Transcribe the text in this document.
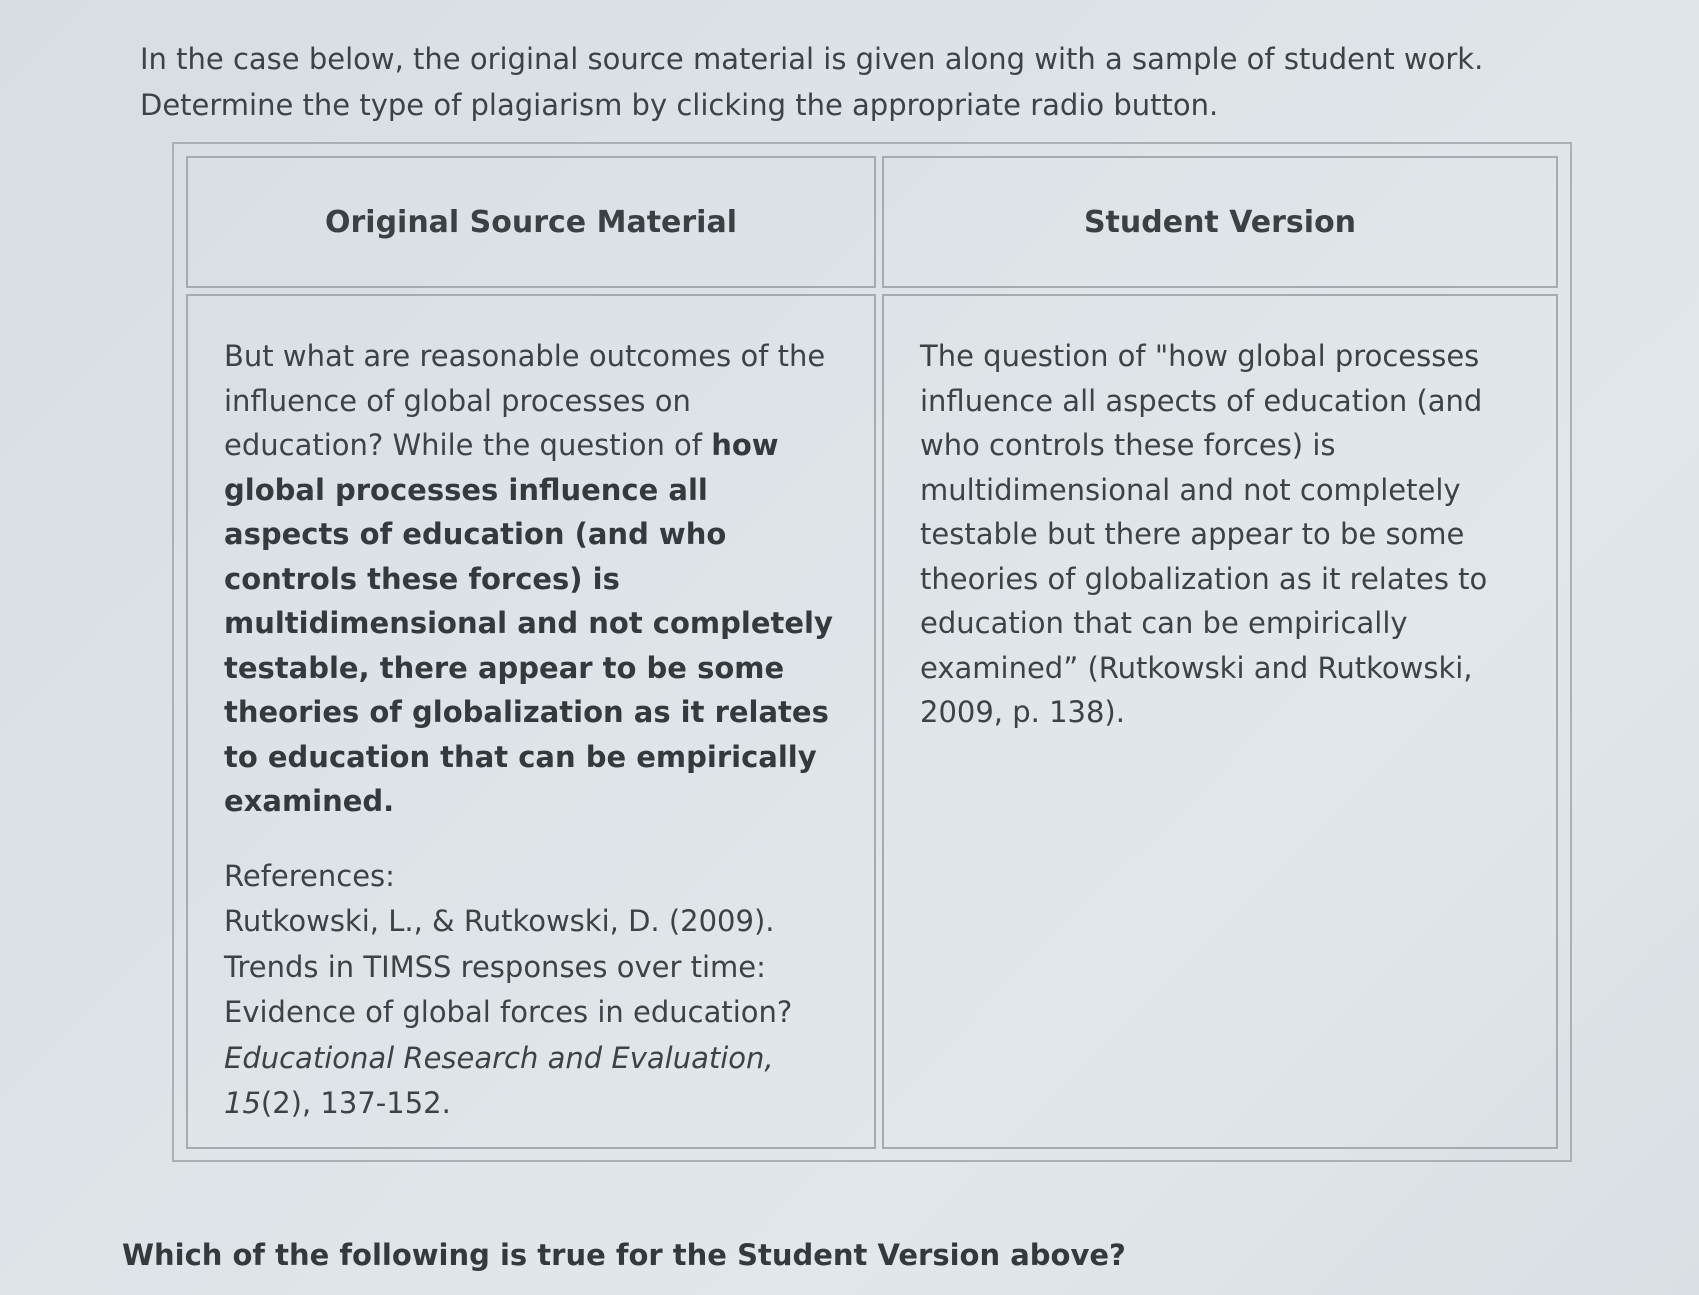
In the case below, the original source material is given along with a sample of student work.

Determine the type of plagiarism by clicking the appropriate radio button.

Original Source Material	Student Version
But what are reasonable outcomes of the influence of global processes on education? While the question of how global processes influence all aspects of education (and who controls these forces) is multidimensional and not completely testable, there appear to be some theories of globalization as it relates to education that can be empirically examined.
References:
Rutkowski, L., & Rutkowski, D. (2009).
Trends in TIMSS responses over time:
Evidence of global forces in education?
Educational Research and Evaluation,
15(2), 137-152.
The question of "how global processes influence all aspects of education (and who controls these forces) is multidimensional and not completely testable but there appear to be some theories of globalization as it relates to education that can be empirically examined” (Rutkowski and Rutkowski, 2009, p. 138).
Which of the following is true for the Student Version above?
